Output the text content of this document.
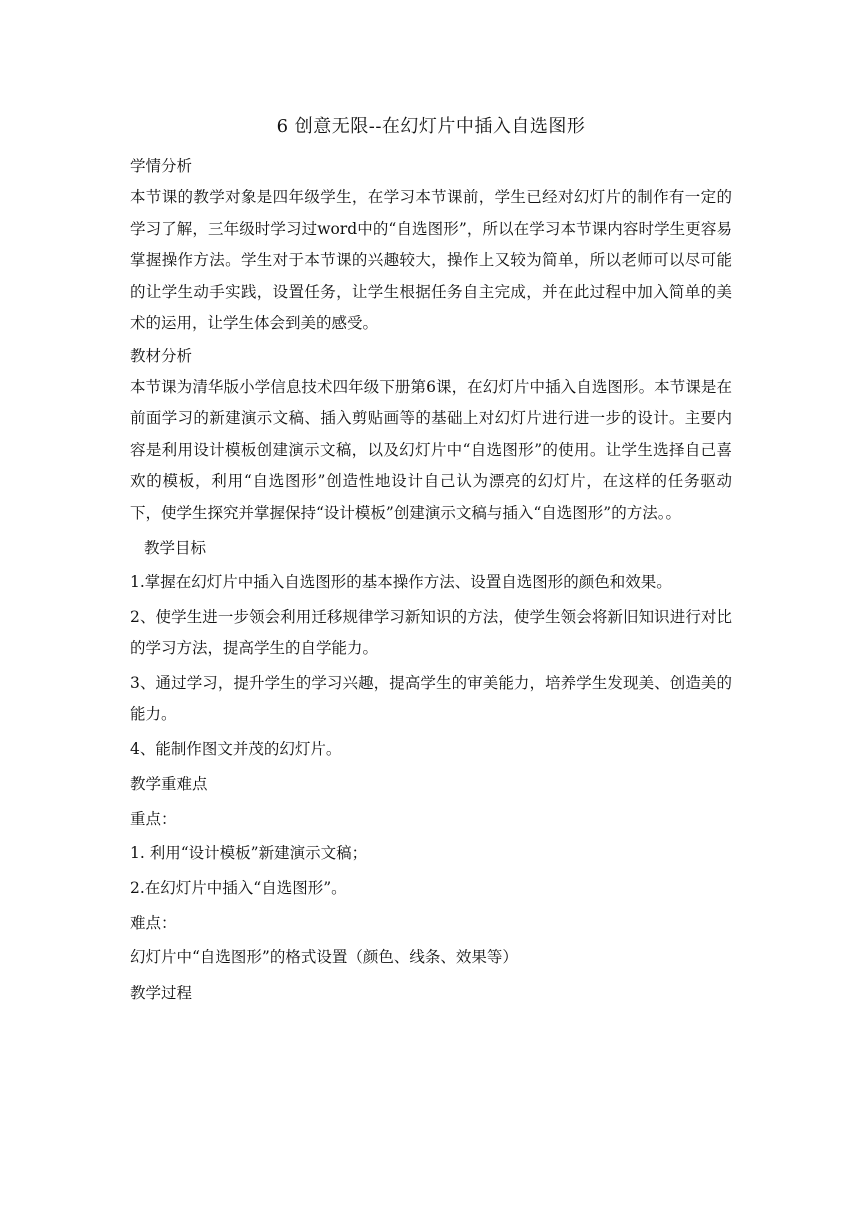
6 创意无限--在幻灯片中插入自选图形

学情分析

本节课的教学对象是四年级学生，在学习本节课前，学生已经对幻灯片的制作有一定的学习了解，三年级时学习过word中的“自选图形”，所以在学习本节课内容时学生更容易掌握操作方法。学生对于本节课的兴趣较大，操作上又较为简单，所以老师可以尽可能的让学生动手实践，设置任务，让学生根据任务自主完成，并在此过程中加入简单的美术的运用，让学生体会到美的感受。

教材分析

本节课为清华版小学信息技术四年级下册第6课，在幻灯片中插入自选图形。本节课是在前面学习的新建演示文稿、插入剪贴画等的基础上对幻灯片进行进一步的设计。主要内容是利用设计模板创建演示文稿，以及幻灯片中“自选图形”的使用。让学生选择自己喜欢的模板，利用“自选图形”创造性地设计自己认为漂亮的幻灯片，在这样的任务驱动下，使学生探究并掌握保持“设计模板”创建演示文稿与插入“自选图形”的方法。。

教学目标

1.掌握在幻灯片中插入自选图形的基本操作方法、设置自选图形的颜色和效果。

2、使学生进一步领会利用迁移规律学习新知识的方法，使学生领会将新旧知识进行对比的学习方法，提高学生的自学能力。

3、通过学习，提升学生的学习兴趣，提高学生的审美能力，培养学生发现美、创造美的能力。

4、能制作图文并茂的幻灯片。

教学重难点

重点：

1. 利用“设计模板”新建演示文稿；

2.在幻灯片中插入“自选图形”。

难点：

幻灯片中“自选图形”的格式设置（颜色、线条、效果等）

教学过程
